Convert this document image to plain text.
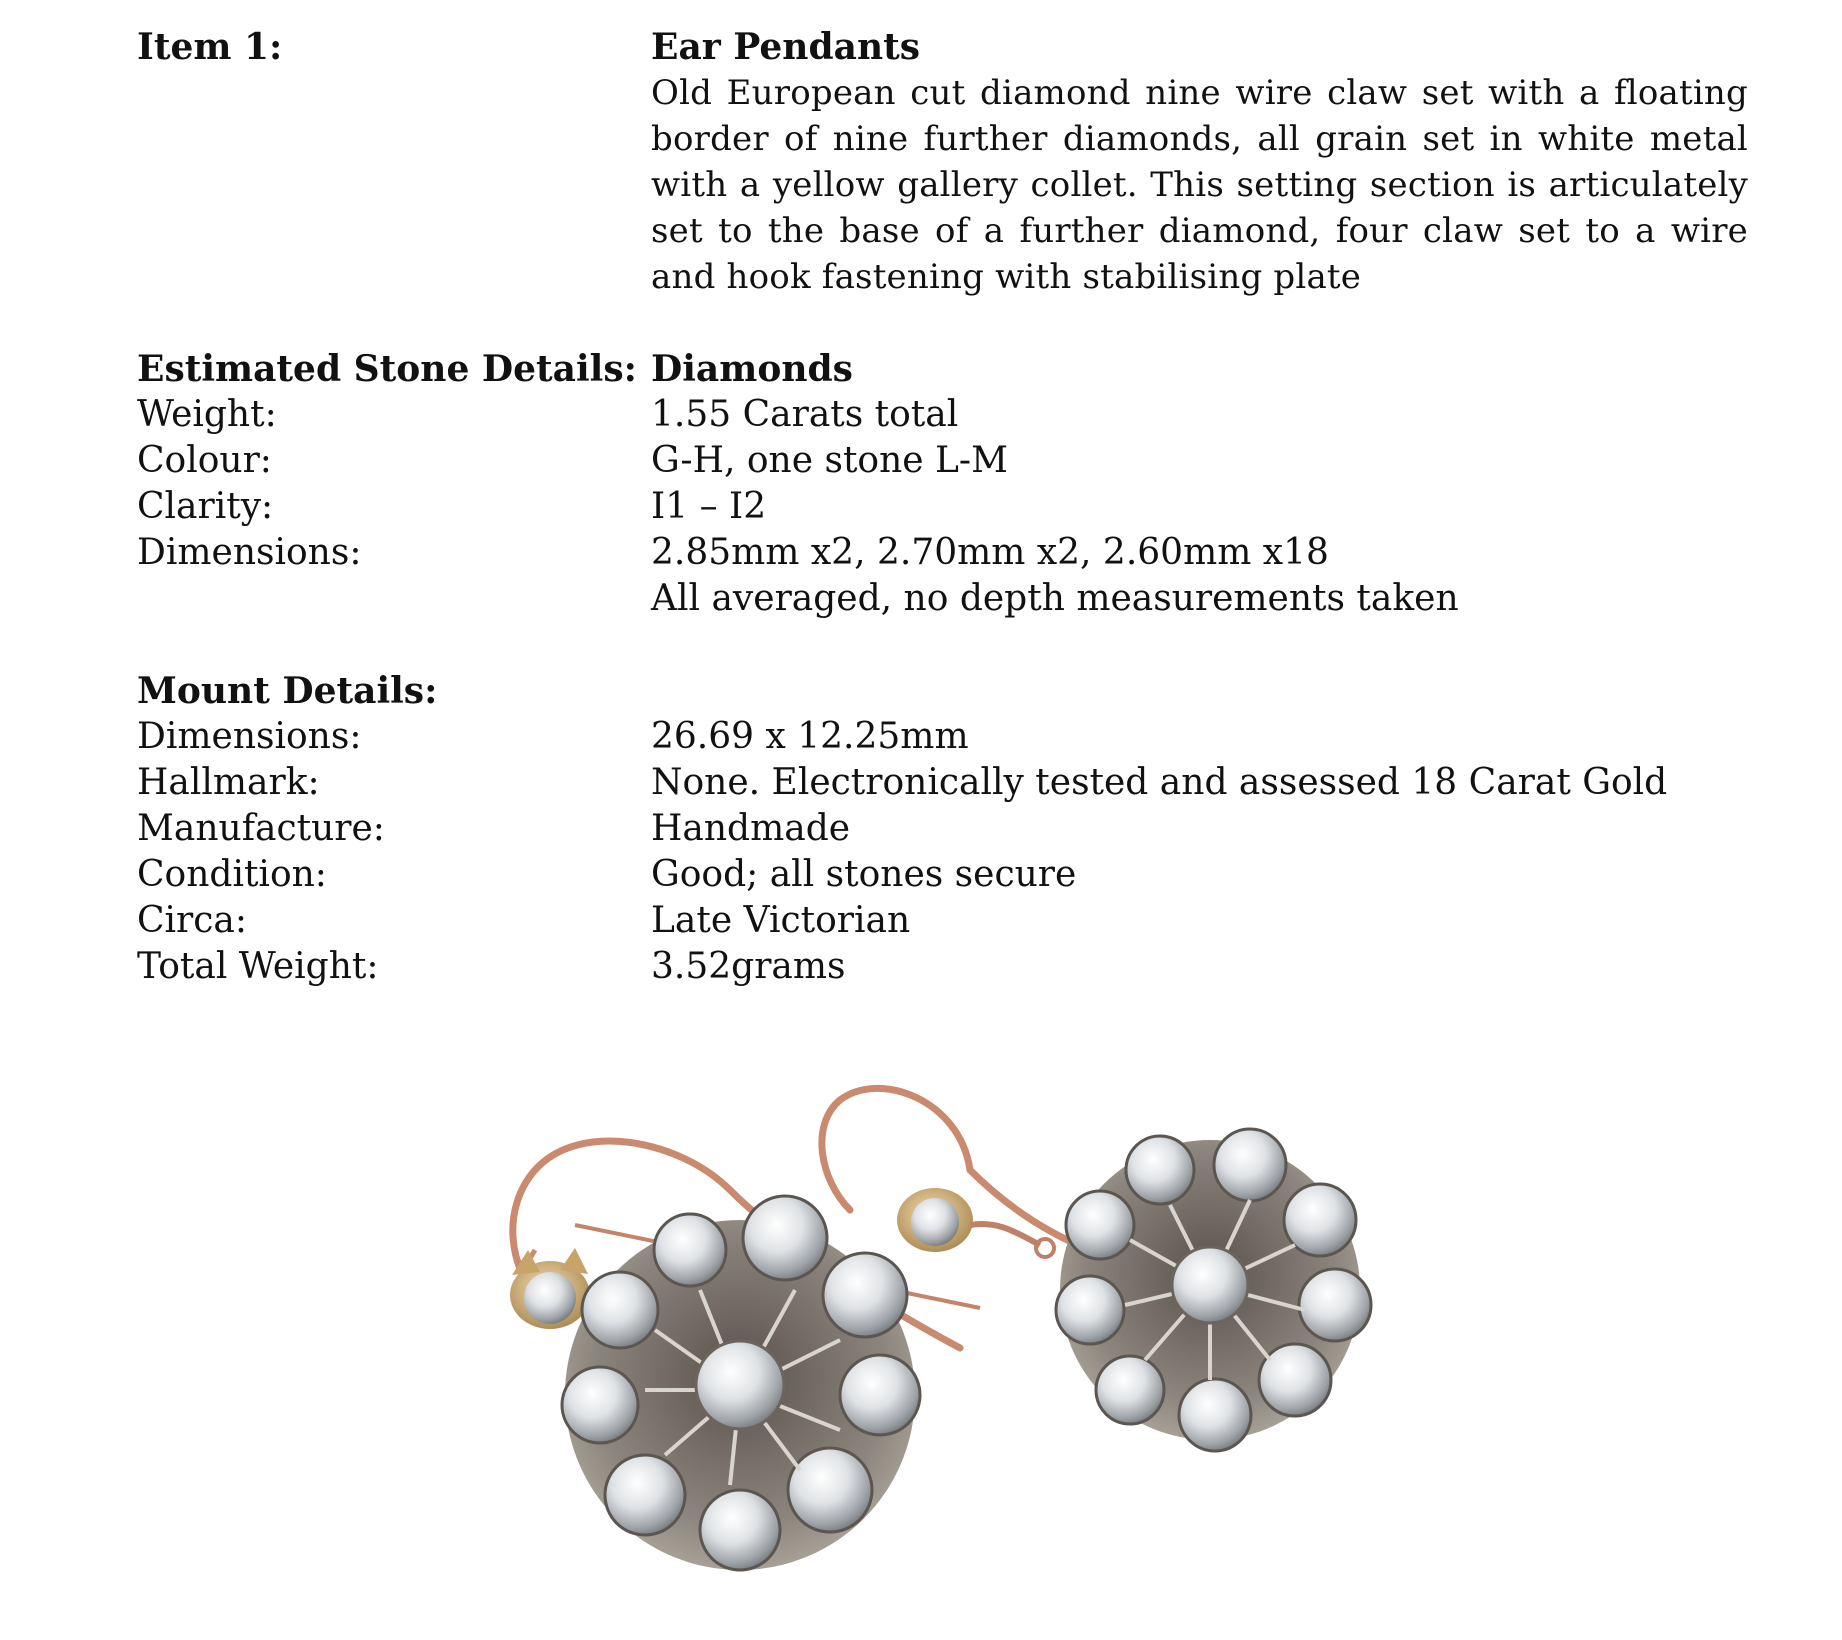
Item 1:	Ear Pendants
Old European cut diamond nine wire claw set with a floating border of nine further diamonds, all grain set in white metal with a yellow gallery collet. This setting section is articulately set to the base of a further diamond, four claw set to a wire and hook fastening with stabilising plate
Estimated Stone Details: Diamonds
Weight:	1.55 Carats total
Colour:	G-H, one stone L-M
Clarity:	I1 – I2
Dimensions:	2.85mm x2, 2.70mm x2, 2.60mm x18
All averaged, no depth measurements taken
Mount Details:
Dimensions:	26.69 x 12.25mm
Hallmark:	None. Electronically tested and assessed 18 Carat Gold
Manufacture:	Handmade
Condition:	Good; all stones secure
Circa:	Late Victorian
Total Weight:	3.52grams
